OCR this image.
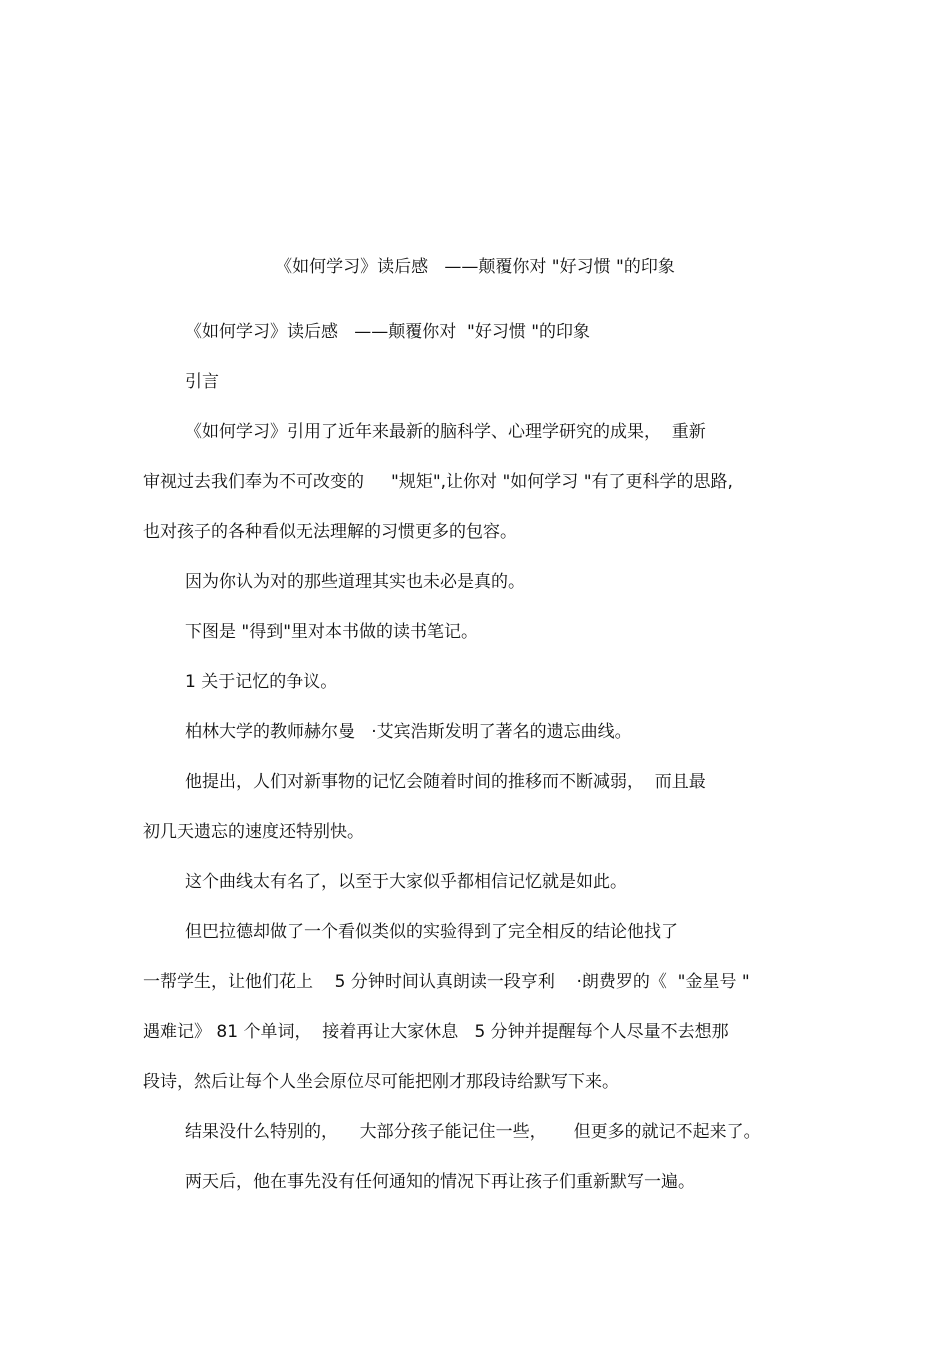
《如何学习》读后感   ——颠覆你对 "好习惯 "的印象
《如何学习》读后感   ——颠覆你对  "好习惯 "的印象
引言
《如何学习》引用了近年来最新的脑科学、心理学研究的成果，  重新
审视过去我们奉为不可改变的     "规矩",让你对 "如何学习 "有了更科学的思路,
也对孩子的各种看似无法理解的习惯更多的包容。
因为你认为对的那些道理其实也未必是真的。
下图是 "得到"里对本书做的读书笔记。
1 关于记忆的争议。
柏林大学的教师赫尔曼   ·艾宾浩斯发明了著名的遗忘曲线。
他提出，人们对新事物的记忆会随着时间的推移而不断减弱，  而且最
初几天遗忘的速度还特别快。
这个曲线太有名了，以至于大家似乎都相信记忆就是如此。
但巴拉德却做了一个看似类似的实验得到了完全相反的结论他找了
一帮学生，让他们花上    5 分钟时间认真朗读一段亨利    ·朗费罗的《  "金星号 "
遇难记》 81 个单词，  接着再让大家休息   5 分钟并提醒每个人尽量不去想那
段诗，然后让每个人坐会原位尽可能把刚才那段诗给默写下来。
结果没什么特别的，    大部分孩子能记住一些，     但更多的就记不起来了。
两天后，他在事先没有任何通知的情况下再让孩子们重新默写一遍。
